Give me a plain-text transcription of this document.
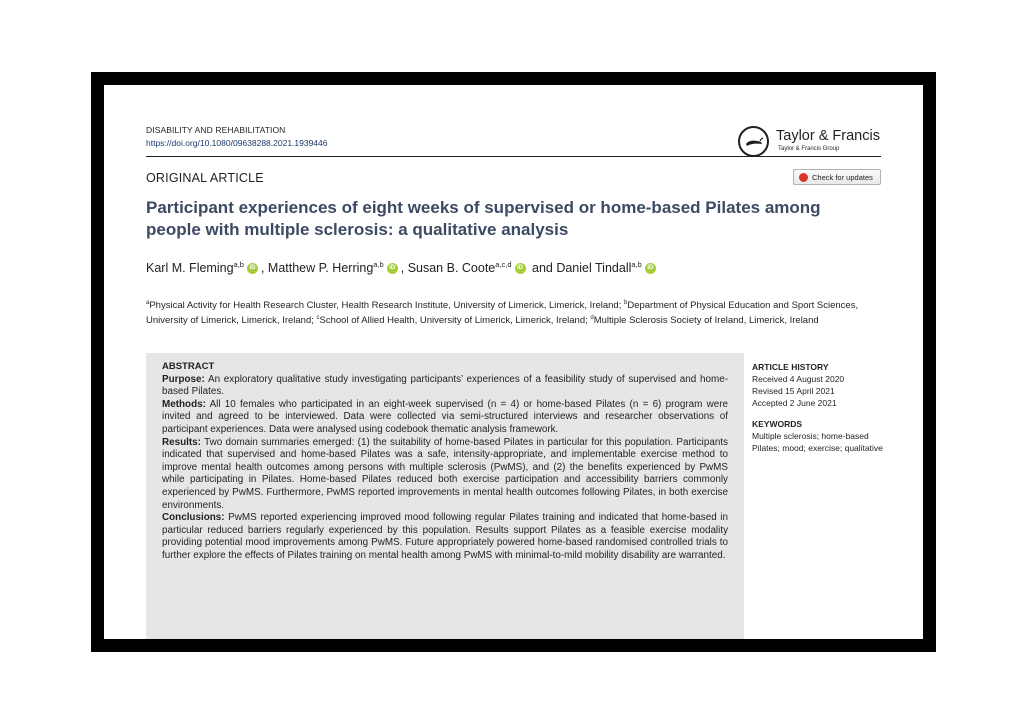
DISABILITY AND REHABILITATION
https://doi.org/10.1080/09638288.2021.1939446	Taylor & Francis
Taylor & Francis Group
ORIGINAL ARTICLE	Check for updates
Participant experiences of eight weeks of supervised or home-based Pilates among people with multiple sclerosis: a qualitative analysis
Karl M. Fleming$^{a,b}$ iD , Matthew P. Herring$^{a,b}$ iD , Susan B. Coote$^{a,c,d}$ iD and Daniel Tindall$^{a,b}$ iD
$^a$Physical Activity for Health Research Cluster, Health Research Institute, University of Limerick, Limerick, Ireland; $^b$Department of Physical Education and Sport Sciences, University of Limerick, Limerick, Ireland; $^c$School of Allied Health, University of Limerick, Limerick, Ireland; $^d$Multiple Sclerosis Society of Ireland, Limerick, Ireland
ABSTRACT

Purpose: An exploratory qualitative study investigating participants’ experiences of a feasibility study of supervised and home-based Pilates.

Methods: All 10 females who participated in an eight-week supervised (n = 4) or home-based Pilates (n = 6) program were invited and agreed to be interviewed. Data were collected via semi-structured interviews and researcher observations of participant experiences. Data were analysed using codebook thematic analysis framework.

Results: Two domain summaries emerged: (1) the suitability of home-based Pilates in particular for this population. Participants indicated that supervised and home-based Pilates was a safe, intensity-appropriate, and implementable exercise method to improve mental health outcomes among persons with multiple sclerosis (PwMS), and (2) the benefits experienced by PwMS while participating in Pilates. Home-based Pilates reduced both exercise participation and accessibility barriers commonly experienced by PwMS. Furthermore, PwMS reported improvements in mental health outcomes following Pilates, in both exercise environments.

Conclusions: PwMS reported experiencing improved mood following regular Pilates training and indicated that home-based in particular reduced barriers regularly experienced by this population. Results support Pilates as a feasible exercise modality providing potential mood improvements among PwMS. Future appropriately powered home-based randomised controlled trials to further explore the effects of Pilates training on mental health among PwMS with minimal-to-mild mobility disability are warranted.

ARTICLE HISTORY
Received 4 August 2020
Revised 15 April 2021
Accepted 2 June 2021
KEYWORDS
Multiple sclerosis; home-based Pilates; mood; exercise; qualitative
